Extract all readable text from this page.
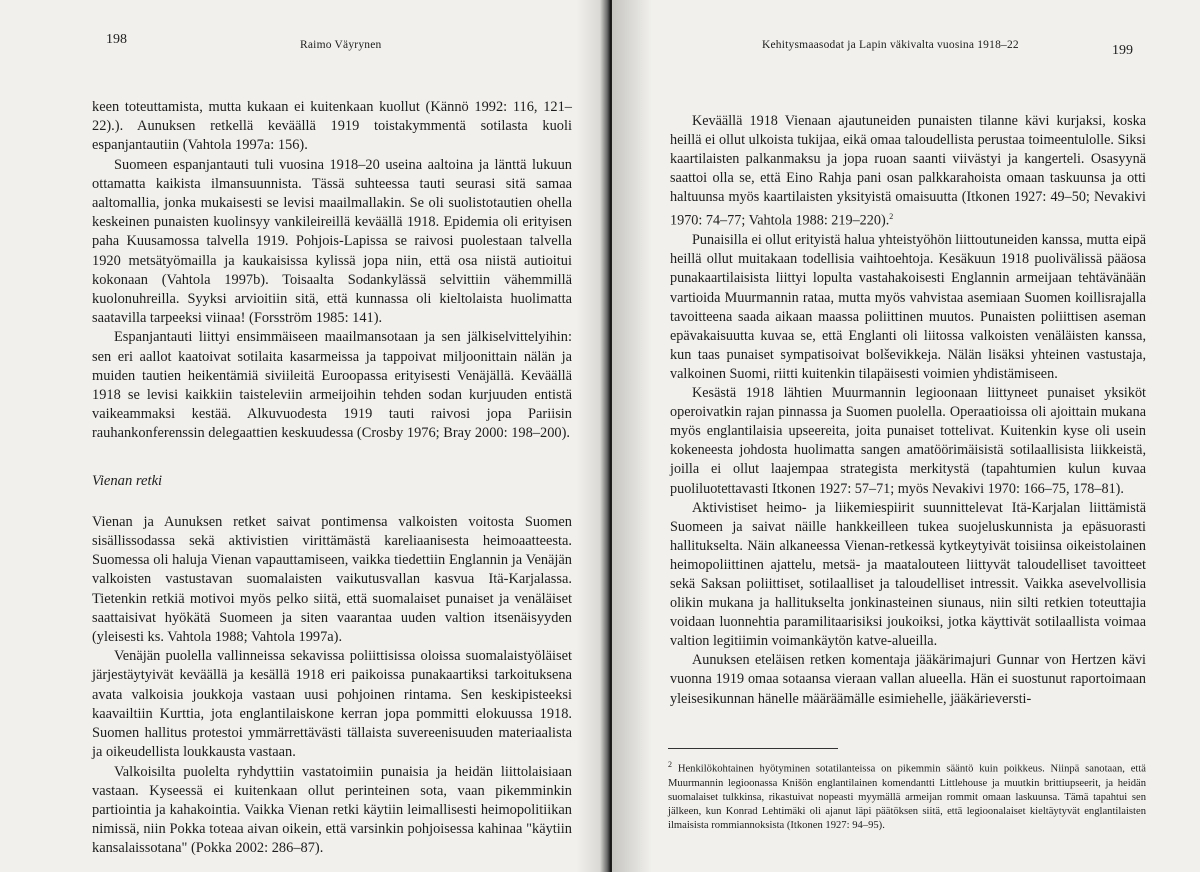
198	Raimo Väyrynen

keen toteuttamista, mutta kukaan ei kuitenkaan kuollut (Kännö 1992: 116, 121–22).). Aunuksen retkellä keväällä 1919 toistakymmentä sotilasta kuoli espanjantautiin (Vahtola 1997a: 156).

Suomeen espanjantauti tuli vuosina 1918–20 useina aaltoina ja länttä lukuun ottamatta kaikista ilmansuunnista. Tässä suhteessa tauti seurasi sitä samaa aaltomallia, jonka mukaisesti se levisi maailmallakin. Se oli suolistotautien ohella keskeinen punaisten kuolinsyy vankileireillä keväällä 1918. Epidemia oli erityisen paha Kuusamossa talvella 1919. Pohjois-Lapissa se raivosi puolestaan talvella 1920 metsätyömailla ja kaukaisissa kylissä jopa niin, että osa niistä autioitui kokonaan (Vahtola 1997b). Toisaalta Sodankylässä selvittiin vähemmillä kuolonuhreilla. Syyksi arvioitiin sitä, että kunnassa oli kieltolaista huolimatta saatavilla tarpeeksi viinaa! (Forsström 1985: 141).

Espanjantauti liittyi ensimmäiseen maailmansotaan ja sen jälkiselvittelyihin: sen eri aallot kaatoivat sotilaita kasarmeissa ja tappoivat miljoonittain nälän ja muiden tautien heikentämiä siviileitä Euroopassa erityisesti Venäjällä. Keväällä 1918 se levisi kaikkiin taisteleviin armeijoihin tehden sodan kurjuuden entistä vaikeammaksi kestää. Alkuvuodesta 1919 tauti raivosi jopa Pariisin rauhankonferenssin delegaattien keskuudessa (Crosby 1976; Bray 2000: 198–200).

Vienan retki

Vienan ja Aunuksen retket saivat pontimensa valkoisten voitosta Suomen sisällissodassa sekä aktivistien virittämästä kareliaanisesta heimoaatteesta. Suomessa oli haluja Vienan vapauttamiseen, vaikka tiedettiin Englannin ja Venäjän valkoisten vastustavan suomalaisten vaikutusvallan kasvua Itä-Karjalassa. Tietenkin retkiä motivoi myös pelko siitä, että suomalaiset punaiset ja venäläiset saattaisivat hyökätä Suomeen ja siten vaarantaa uuden valtion itsenäisyyden (yleisesti ks. Vahtola 1988; Vahtola 1997a).

Venäjän puolella vallinneissa sekavissa poliittisissa oloissa suomalaistyöläiset järjestäytyivät keväällä ja kesällä 1918 eri paikoissa punakaartiksi tarkoituksena avata valkoisia joukkoja vastaan uusi pohjoinen rintama. Sen keskipisteeksi kaavailtiin Kurttia, jota englantilaiskone kerran jopa pommitti elokuussa 1918. Suomen hallitus protestoi ymmärrettävästi tällaista suvereenisuuden materiaalista ja oikeudellista loukkausta vastaan.

Valkoisilta puolelta ryhdyttiin vastatoimiin punaisia ja heidän liittolaisiaan vastaan. Kyseessä ei kuitenkaan ollut perinteinen sota, vaan pikemminkin partiointia ja kahakointia. Vaikka Vienan retki käytiin leimallisesti heimopolitiikan nimissä, niin Pokka toteaa aivan oikein, että varsinkin pohjoisessa kahinaa "käytiin kansalaissotana" (Pokka 2002: 286–87).

Kehitysmaasodat ja Lapin väkivalta vuosina 1918–22	199

Keväällä 1918 Vienaan ajautuneiden punaisten tilanne kävi kurjaksi, koska heillä ei ollut ulkoista tukijaa, eikä omaa taloudellista perustaa toimeentulolle. Siksi kaartilaisten palkanmaksu ja jopa ruoan saanti viivästyi ja kangerteli. Osasyynä saattoi olla se, että Eino Rahja pani osan palkkarahoista omaan taskuunsa ja otti haltuunsa myös kaartilaisten yksityistä omaisuutta (Itkonen 1927: 49–50; Nevakivi 1970: 74–77; Vahtola 1988: 219–220).$^2$

Punaisilla ei ollut erityistä halua yhteistyöhön liittoutuneiden kanssa, mutta eipä heillä ollut muitakaan todellisia vaihtoehtoja. Kesäkuun 1918 puolivälissä pääosa punakaartilaisista liittyi lopulta vastahakoisesti Englannin armeijaan tehtävänään vartioida Muurmannin rataa, mutta myös vahvistaa asemiaan Suomen koillisrajalla tavoitteena saada aikaan maassa poliittinen muutos. Punaisten poliittisen aseman epävakaisuutta kuvaa se, että Englanti oli liitossa valkoisten venäläisten kanssa, kun taas punaiset sympatisoivat bolševikkeja. Nälän lisäksi yhteinen vastustaja, valkoinen Suomi, riitti kuitenkin tilapäisesti voimien yhdistämiseen.

Kesästä 1918 lähtien Muurmannin legioonaan liittyneet punaiset yksiköt operoivatkin rajan pinnassa ja Suomen puolella. Operaatioissa oli ajoittain mukana myös englantilaisia upseereita, joita punaiset tottelivat. Kuitenkin kyse oli usein kokeneesta johdosta huolimatta sangen amatöörimäisistä sotilaallisista liikkeistä, joilla ei ollut laajempaa strategista merkitystä (tapahtumien kulun kuvaa puoliluotettavasti Itkonen 1927: 57–71; myös Nevakivi 1970: 166–75, 178–81).

Aktivistiset heimo- ja liikemiespiirit suunnittelevat Itä-Karjalan liittämistä Suomeen ja saivat näille hankkeilleen tukea suojeluskunnista ja epäsuorasti hallitukselta. Näin alkaneessa Vienan-retkessä kytkeytyivät toisiinsa oikeistolainen heimopoliittinen ajattelu, metsä- ja maatalouteen liittyvät taloudelliset tavoitteet sekä Saksan poliittiset, sotilaalliset ja taloudelliset intressit. Vaikka asevelvollisia olikin mukana ja hallitukselta jonkinasteinen siunaus, niin silti retkien toteuttajia voidaan luonnehtia paramilitaarisiksi joukoiksi, jotka käyttivät sotilaallista voimaa valtion legitiimin voimankäytön katve-alueilla.

Aunuksen eteläisen retken komentaja jääkärimajuri Gunnar von Hertzen kävi vuonna 1919 omaa sotaansa vieraan vallan alueella. Hän ei suostunut raportoimaan yleisesikunnan hänelle määräämälle esimiehelle, jääkärieversti-

$^2$ Henkilökohtainen hyötyminen sotatilanteissa on pikemmin sääntö kuin poikkeus. Niinpä sanotaan, että Muurmannin legioonassa Knišön englantilainen komendantti Littlehouse ja muutkin brittiupseerit, ja heidän suomalaiset tulkkinsa, rikastuivat nopeasti myymällä armeijan rommit omaan laskuunsa. Tämä tapahtui sen jälkeen, kun Konrad Lehtimäki oli ajanut läpi päätöksen siitä, että legioonalaiset kieltäytyvät englantilaisten ilmaisista rommiannoksista (Itkonen 1927: 94–95).
